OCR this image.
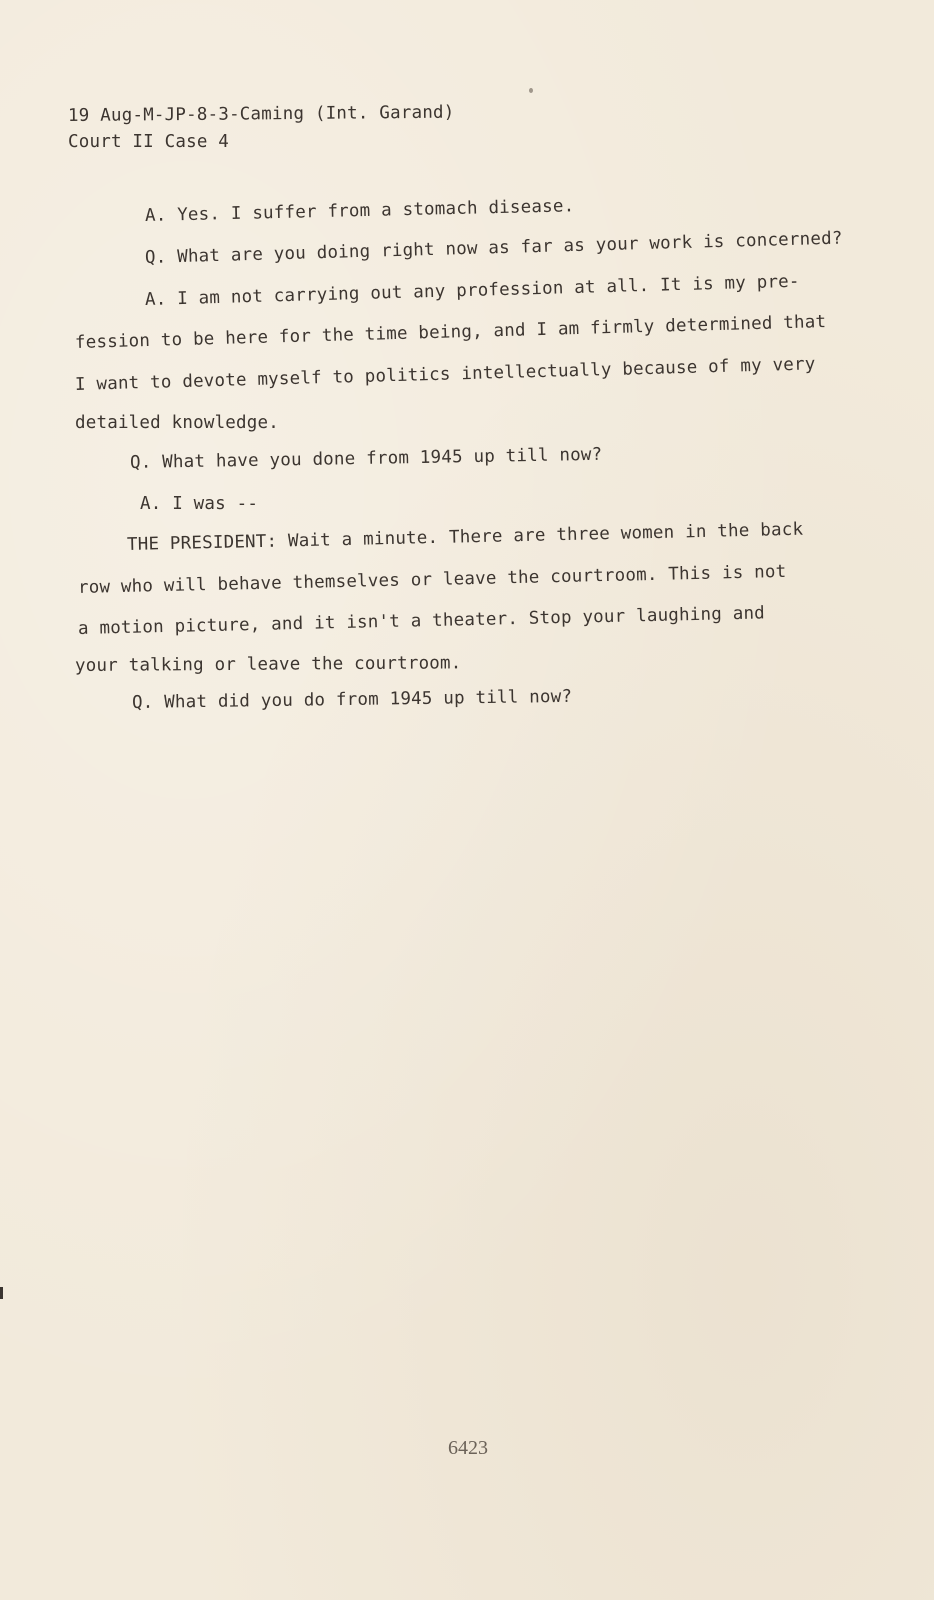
19 Aug-M-JP-8-3-Caming (Int. Garand)
Court II Case 4
A. Yes. I suffer from a stomach disease.
Q. What are you doing right now as far as your work is concerned?
A. I am not carrying out any profession at all. It is my pre-
fession to be here for the time being, and I am firmly determined that
I want to devote myself to politics intellectually because of my very
detailed knowledge.
Q. What have you done from 1945 up till now?
A. I was --
THE PRESIDENT: Wait a minute. There are three women in the back
row who will behave themselves or leave the courtroom. This is not
a motion picture, and it isn't a theater. Stop your laughing and
your talking or leave the courtroom.
Q. What did you do from 1945 up till now?
6423
